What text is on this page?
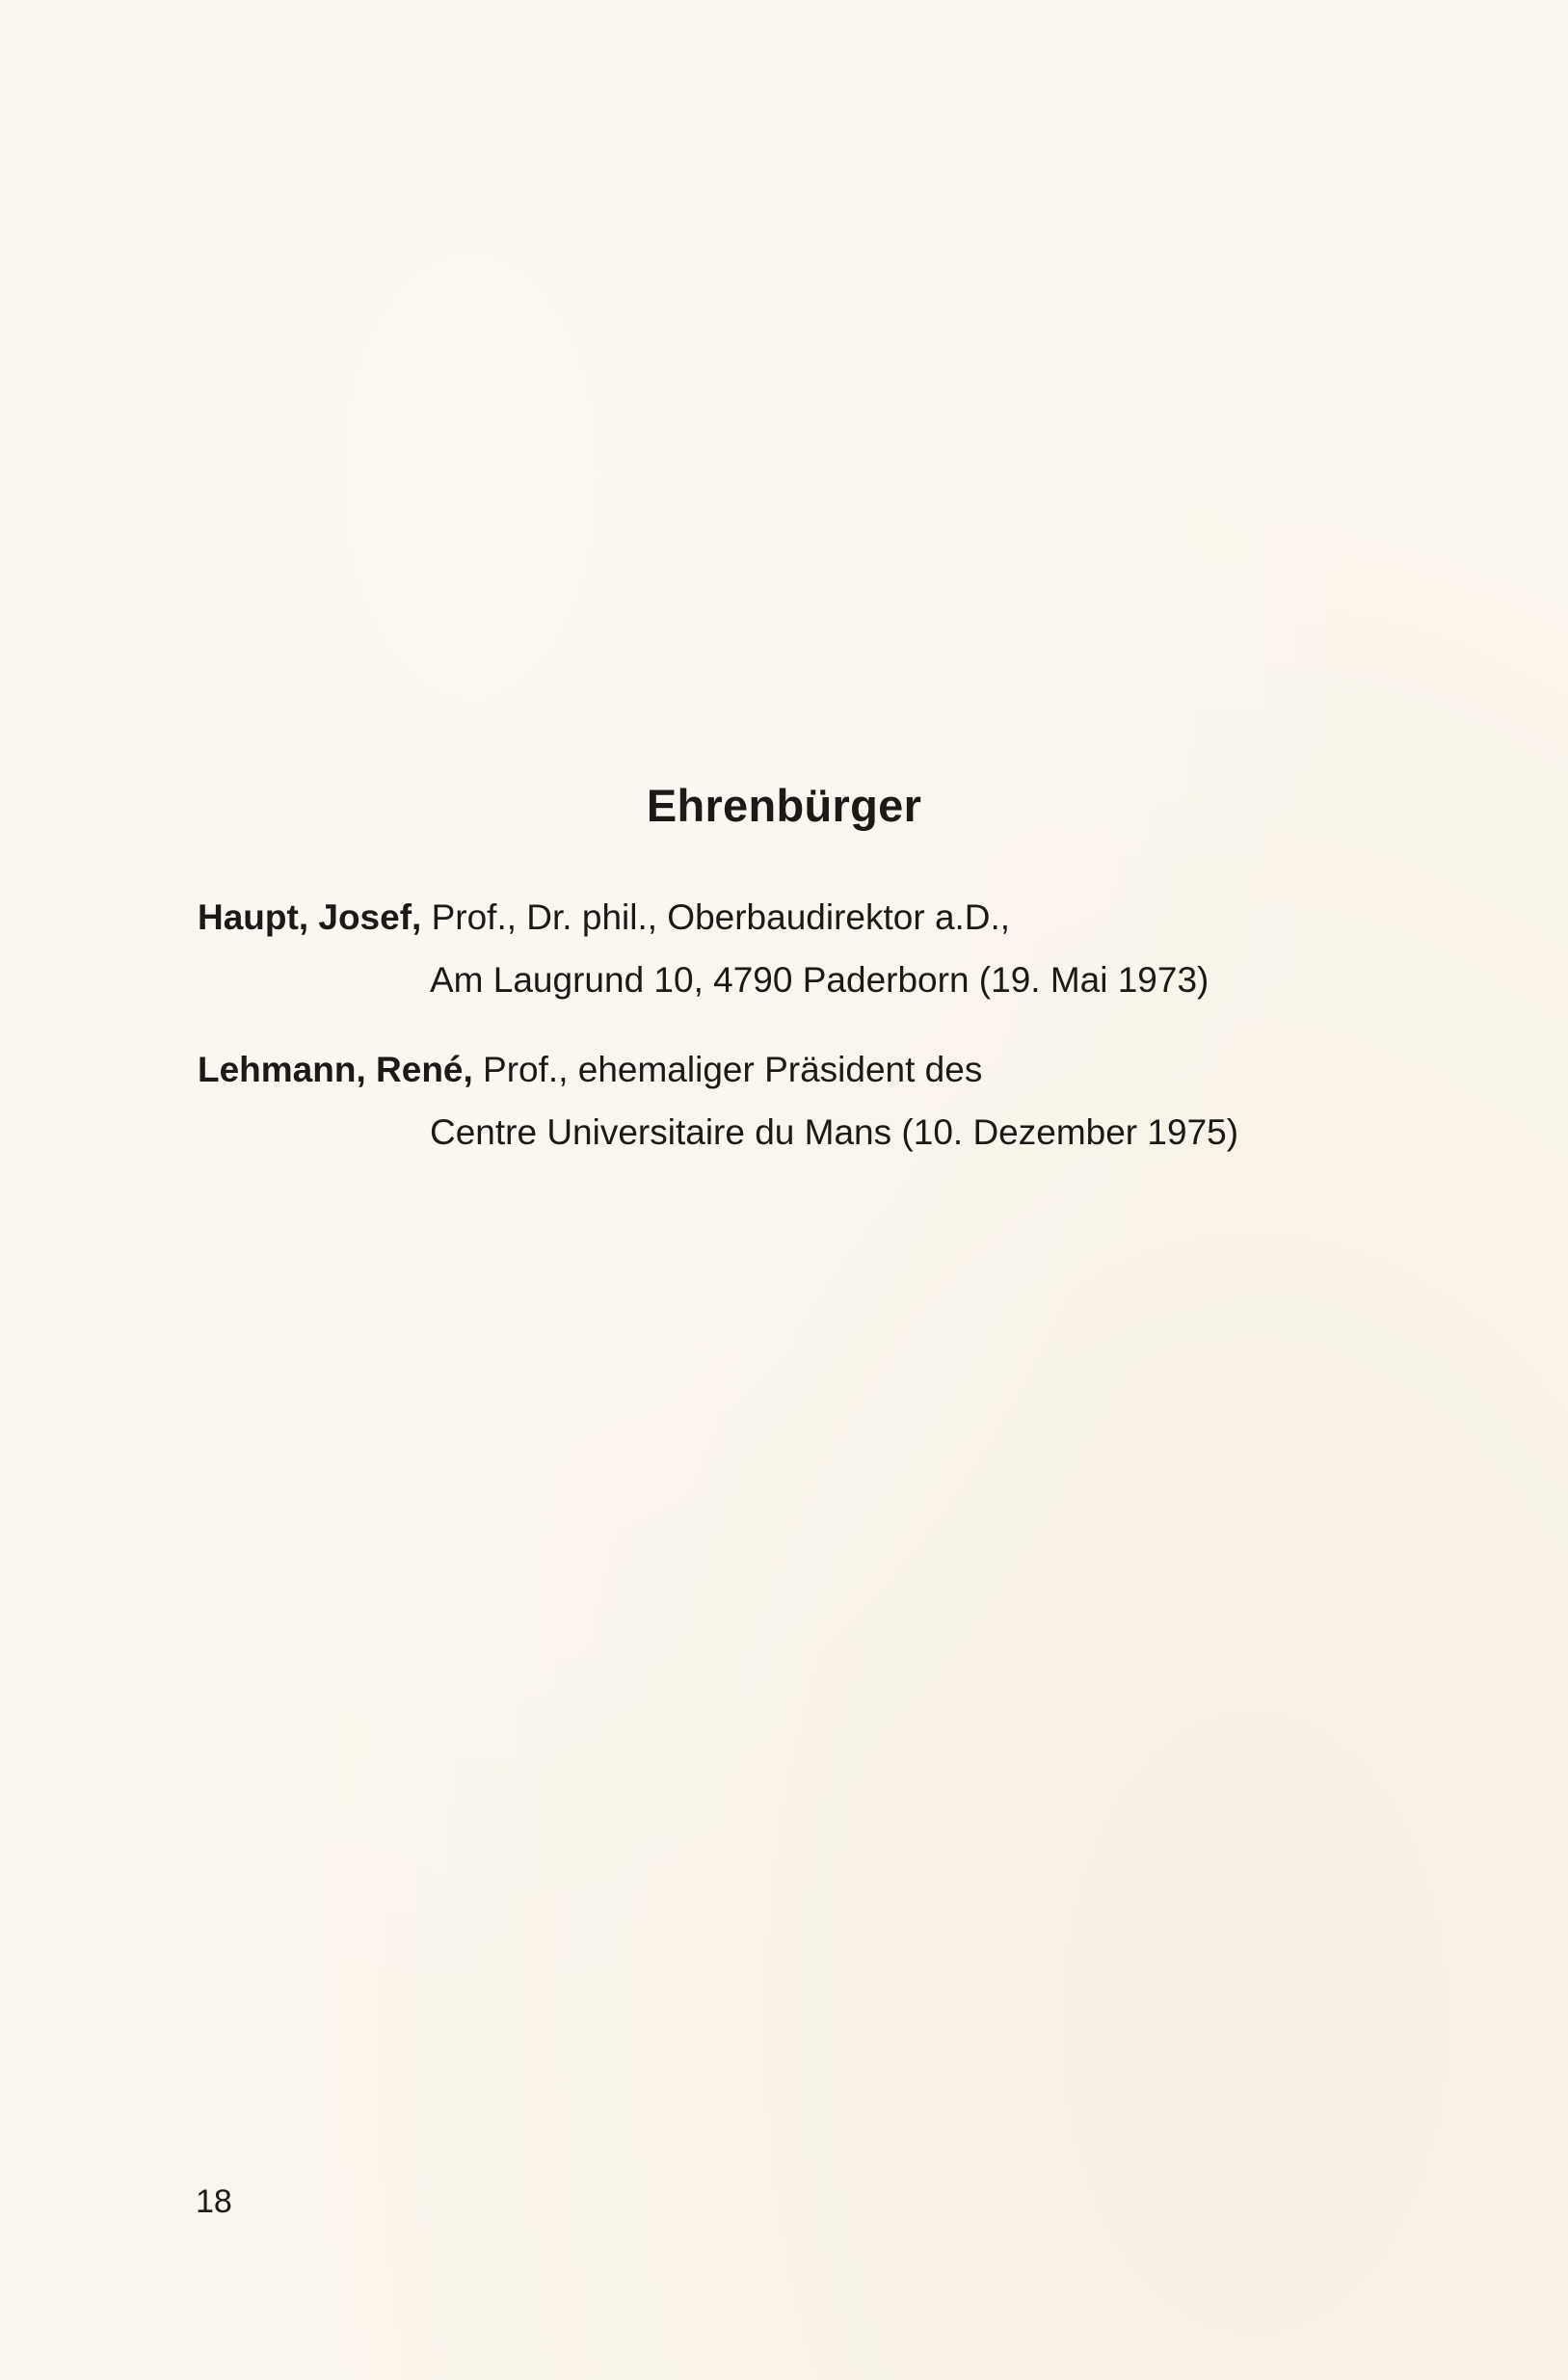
Ehrenbürger
Haupt, Josef, Prof., Dr. phil., Oberbaudirektor a.D.,
Am Laugrund 10, 4790 Paderborn (19. Mai 1973)
Lehmann, René, Prof., ehemaliger Präsident des
Centre Universitaire du Mans (10. Dezember 1975)
18
